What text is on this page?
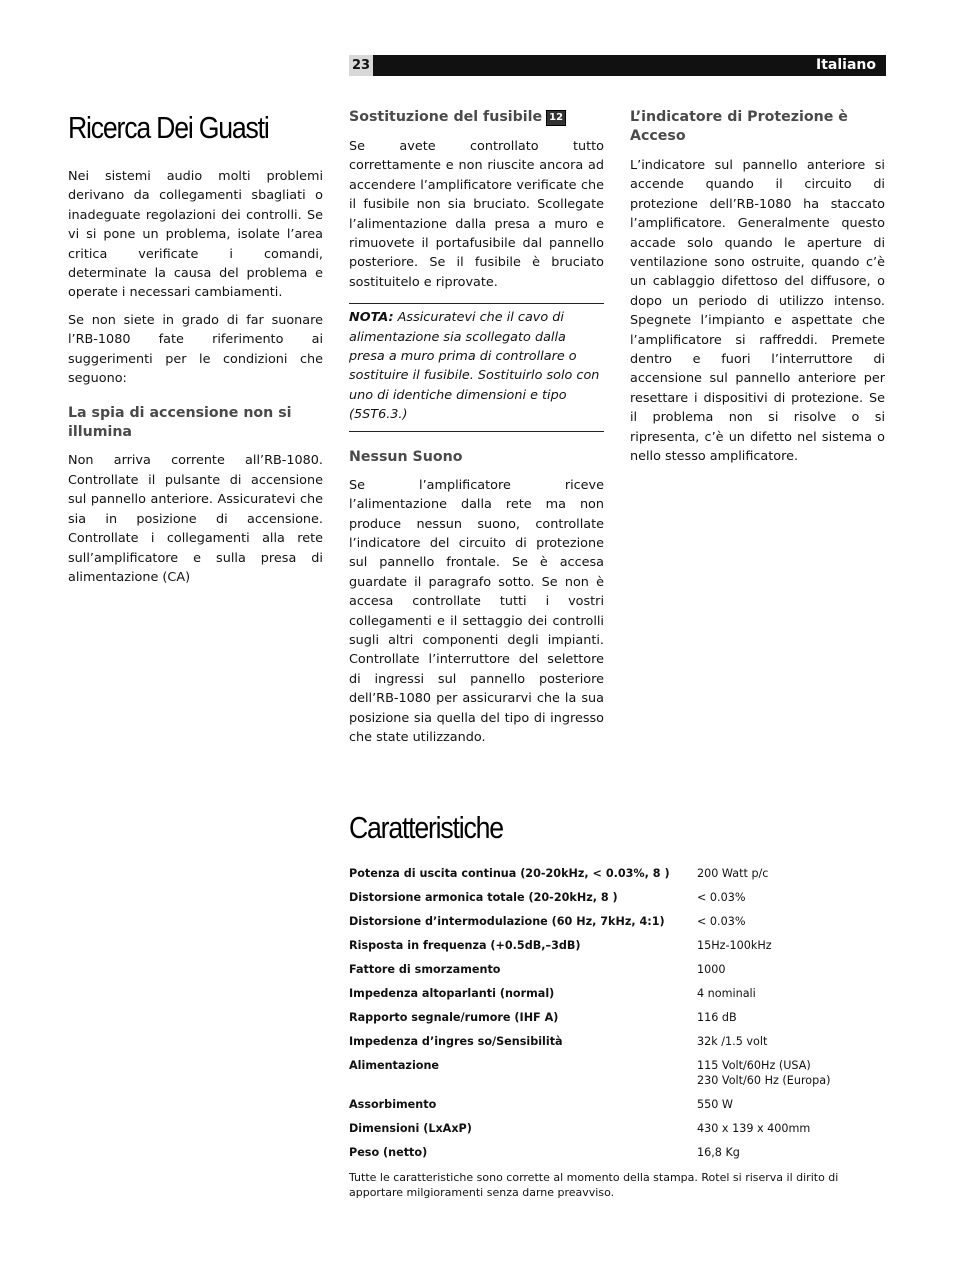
23	Italiano
Ricerca Dei Guasti

Nei sistemi audio molti problemi derivano da collegamenti sbagliati o inadeguate regolazioni dei controlli. Se vi si pone un problema, isolate l’area critica verificate i comandi, determinate la causa del problema e operate i necessari cambiamenti.

Se non siete in grado di far suonare l’RB-1080 fate riferimento ai suggerimenti per le condizioni che seguono:

La spia di accensione non si illumina

Non arriva corrente all’RB-1080. Controllate il pulsante di accensione sul pannello anteriore. Assicuratevi che sia in posizione di accensione. Controllate i collegamenti alla rete sull’amplificatore e sulla presa di alimentazione (CA)

Sostituzione del fusibile 12

Se avete controllato tutto correttamente e non riuscite ancora ad accendere l’amplificatore verificate che il fusibile non sia bruciato. Scollegate l’alimentazione dalla presa a muro e rimuovete il portafusibile dal pannello posteriore. Se il fusibile è bruciato sostituitelo e riprovate.

NOTA: Assicuratevi che il cavo di alimentazione sia scollegato dalla presa a muro prima di controllare o sostituire il fusibile. Sostituirlo solo con uno di identiche dimensioni e tipo (5ST6.3.)

Nessun Suono

Se l’amplificatore riceve l’alimentazione dalla rete ma non produce nessun suono, controllate l’indicatore del circuito di protezione sul pannello frontale. Se è accesa guardate il paragrafo sotto. Se non è accesa controllate tutti i vostri collegamenti e il settaggio dei controlli sugli altri componenti degli impianti. Controllate l’interruttore del selettore di ingressi sul pannello posteriore dell’RB-1080 per assicurarvi che la sua posizione sia quella del tipo di ingresso che state utilizzando.

L’indicatore di Protezione è Acceso

L’indicatore sul pannello anteriore si accende quando il circuito di protezione dell’RB-1080 ha staccato l’amplificatore. Generalmente questo accade solo quando le aperture di ventilazione sono ostruite, quando c’è un cablaggio difettoso del diffusore, o dopo un periodo di utilizzo intenso. Spegnete l’impianto e aspettate che l’amplificatore si raffreddi. Premete dentro e fuori l’interruttore di accensione sul pannello anteriore per resettare i dispositivi di protezione. Se il problema non si risolve o si ripresenta, c’è un difetto nel sistema o nello stesso amplificatore.

Caratteristiche
Potenza di uscita continua (20-20kHz, < 0.03%, 8 )	200 Watt p/c
Distorsione armonica totale (20-20kHz, 8 )	< 0.03%
Distorsione d’intermodulazione (60 Hz, 7kHz, 4:1)	< 0.03%
Risposta in frequenza (+0.5dB,–3dB)	15Hz-100kHz
Fattore di smorzamento	1000
Impedenza altoparlanti (normal)	4 nominali
Rapporto segnale/rumore (IHF A)	116 dB
Impedenza d’ingres so/Sensibilità	32k /1.5 volt
Alimentazione	115 Volt/60Hz (USA)
230 Volt/60 Hz (Europa)
Assorbimento	550 W
Dimensioni (LxAxP)	430 x 139 x 400mm
Peso (netto)	16,8 Kg
Tutte le caratteristiche sono corrette al momento della stampa. Rotel si riserva il dirito di apportare milgioramenti senza darne preavviso.
